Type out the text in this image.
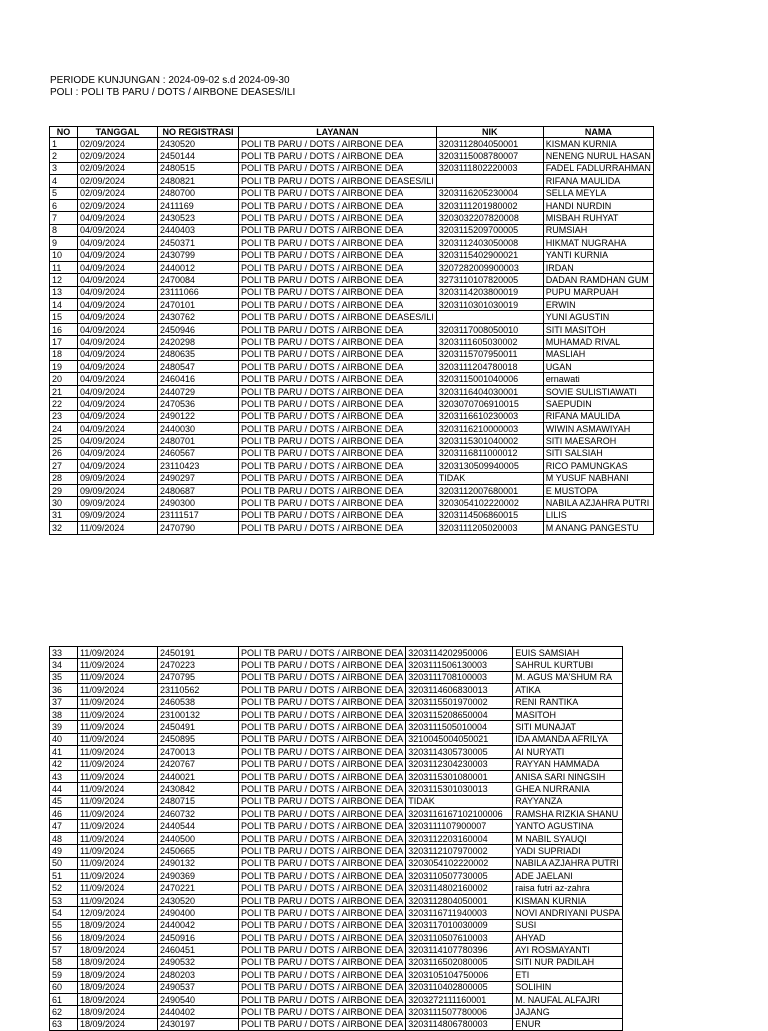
PERIODE KUNJUNGAN : 2024-09-02 s.d 2024-09-30
POLI : POLI TB PARU / DOTS / AIRBONE DEASES/ILI
NO	TANGGAL	NO REGISTRASI	LAYANAN	NIK	NAMA
1	02/09/2024	2430520	POLI TB PARU / DOTS / AIRBONE DEA	3203112804050001	KISMAN KURNIA
2	02/09/2024	2450144	POLI TB PARU / DOTS / AIRBONE DEA	3203115008780007	NENENG NURUL HASAN
3	02/09/2024	2480515	POLI TB PARU / DOTS / AIRBONE DEA	3203111802220003	FADEL FADLURRAHMAN
4	02/09/2024	2480821	POLI TB PARU / DOTS / AIRBONE DEASES/ILI		RIFANA MAULIDA
5	02/09/2024	2480700	POLI TB PARU / DOTS / AIRBONE DEA	3203116205230004	SELLA MEYLA
6	02/09/2024	2411169	POLI TB PARU / DOTS / AIRBONE DEA	3203111201980002	HANDI NURDIN
7	04/09/2024	2430523	POLI TB PARU / DOTS / AIRBONE DEA	3203032207820008	MISBAH RUHYAT
8	04/09/2024	2440403	POLI TB PARU / DOTS / AIRBONE DEA	3203115209700005	RUMSIAH
9	04/09/2024	2450371	POLI TB PARU / DOTS / AIRBONE DEA	3203112403050008	HIKMAT NUGRAHA
10	04/09/2024	2430799	POLI TB PARU / DOTS / AIRBONE DEA	3203115402900021	YANTI KURNIA
11	04/09/2024	2440012	POLI TB PARU / DOTS / AIRBONE DEA	3207282009900003	IRDAN
12	04/09/2024	2470084	POLI TB PARU / DOTS / AIRBONE DEA	3273110107820005	DADAN RAMDHAN GUM
13	04/09/2024	23111066	POLI TB PARU / DOTS / AIRBONE DEA	3203114203800019	PUPU MARPUAH
14	04/09/2024	2470101	POLI TB PARU / DOTS / AIRBONE DEA	3203110301030019	ERWIN
15	04/09/2024	2430762	POLI TB PARU / DOTS / AIRBONE DEASES/ILI		YUNI AGUSTIN
16	04/09/2024	2450946	POLI TB PARU / DOTS / AIRBONE DEA	3203117008050010	SITI MASITOH
17	04/09/2024	2420298	POLI TB PARU / DOTS / AIRBONE DEA	3203111605030002	MUHAMAD RIVAL
18	04/09/2024	2480635	POLI TB PARU / DOTS / AIRBONE DEA	3203115707950011	MASLIAH
19	04/09/2024	2480547	POLI TB PARU / DOTS / AIRBONE DEA	3203111204780018	UGAN
20	04/09/2024	2460416	POLI TB PARU / DOTS / AIRBONE DEA	3203115001040006	ernawati
21	04/09/2024	2440729	POLI TB PARU / DOTS / AIRBONE DEA	3203116404030001	SOVIE SULISTIAWATI
22	04/09/2024	2470536	POLI TB PARU / DOTS / AIRBONE DEA	3203070706910015	SAEPUDIN
23	04/09/2024	2490122	POLI TB PARU / DOTS / AIRBONE DEA	3203116610230003	RIFANA MAULIDA
24	04/09/2024	2440030	POLI TB PARU / DOTS / AIRBONE DEA	3203116210000003	WIWIN ASMAWIYAH
25	04/09/2024	2480701	POLI TB PARU / DOTS / AIRBONE DEA	3203115301040002	SITI MAESAROH
26	04/09/2024	2460567	POLI TB PARU / DOTS / AIRBONE DEA	3203116811000012	SITI SALSIAH
27	04/09/2024	23110423	POLI TB PARU / DOTS / AIRBONE DEA	3203130509940005	RICO PAMUNGKAS
28	09/09/2024	2490297	POLI TB PARU / DOTS / AIRBONE DEA	TIDAK	M YUSUF NABHANI
29	09/09/2024	2480687	POLI TB PARU / DOTS / AIRBONE DEA	3203112007680001	E MUSTOPA
30	09/09/2024	2490300	POLI TB PARU / DOTS / AIRBONE DEA	3203054102220002	NABILA AZJAHRA PUTRI
31	09/09/2024	23111517	POLI TB PARU / DOTS / AIRBONE DEA	3203114506860015	LILIS
32	11/09/2024	2470790	POLI TB PARU / DOTS / AIRBONE DEA	3203111205020003	M ANANG PANGESTU
33	11/09/2024	2450191	POLI TB PARU / DOTS / AIRBONE DEA	3203114202950006	EUIS SAMSIAH
34	11/09/2024	2470223	POLI TB PARU / DOTS / AIRBONE DEA	3203111506130003	SAHRUL KURTUBI
35	11/09/2024	2470795	POLI TB PARU / DOTS / AIRBONE DEA	3203111708100003	M. AGUS MA'SHUM RA
36	11/09/2024	23110562	POLI TB PARU / DOTS / AIRBONE DEA	3203114606830013	ATIKA
37	11/09/2024	2460538	POLI TB PARU / DOTS / AIRBONE DEA	3203115501970002	RENI RANTIKA
38	11/09/2024	23100132	POLI TB PARU / DOTS / AIRBONE DEA	3203115208650004	MASITOH
39	11/09/2024	2450491	POLI TB PARU / DOTS / AIRBONE DEA	3203111505010004	SITI MUNAJAT
40	11/09/2024	2450895	POLI TB PARU / DOTS / AIRBONE DEA	3210045004050021	IDA AMANDA AFRILYA
41	11/09/2024	2470013	POLI TB PARU / DOTS / AIRBONE DEA	3203114305730005	AI NURYATI
42	11/09/2024	2420767	POLI TB PARU / DOTS / AIRBONE DEA	3203112304230003	RAYYAN HAMMADA
43	11/09/2024	2440021	POLI TB PARU / DOTS / AIRBONE DEA	3203115301080001	ANISA SARI NINGSIH
44	11/09/2024	2430842	POLI TB PARU / DOTS / AIRBONE DEA	3203115301030013	GHEA NURRANIA
45	11/09/2024	2480715	POLI TB PARU / DOTS / AIRBONE DEA	TIDAK	RAYYANZA
46	11/09/2024	2460732	POLI TB PARU / DOTS / AIRBONE DEA	3203116167102100006	RAMSHA RIZKIA SHANU
47	11/09/2024	2440544	POLI TB PARU / DOTS / AIRBONE DEA	3203111107900007	YANTO AGUSTINA
48	11/09/2024	2440500	POLI TB PARU / DOTS / AIRBONE DEA	3203112203160004	M NABIL SYAUQI
49	11/09/2024	2450665	POLI TB PARU / DOTS / AIRBONE DEA	3203112107970002	YADI SUPRIADI
50	11/09/2024	2490132	POLI TB PARU / DOTS / AIRBONE DEA	3203054102220002	NABILA AZJAHRA PUTRI
51	11/09/2024	2490369	POLI TB PARU / DOTS / AIRBONE DEA	3203110507730005	ADE JAELANI
52	11/09/2024	2470221	POLI TB PARU / DOTS / AIRBONE DEA	3203114802160002	raisa futri az-zahra
53	11/09/2024	2430520	POLI TB PARU / DOTS / AIRBONE DEA	3203112804050001	KISMAN KURNIA
54	12/09/2024	2490400	POLI TB PARU / DOTS / AIRBONE DEA	3203116711940003	NOVI ANDRIYANI PUSPA
55	18/09/2024	2440042	POLI TB PARU / DOTS / AIRBONE DEA	3203117010030009	SUSI
56	18/09/2024	2450916	POLI TB PARU / DOTS / AIRBONE DEA	3203110507610003	AHYAD
57	18/09/2024	2460451	POLI TB PARU / DOTS / AIRBONE DEA	3203114107780396	AYI ROSMAYANTI
58	18/09/2024	2490532	POLI TB PARU / DOTS / AIRBONE DEA	3203116502080005	SITI NUR PADILAH
59	18/09/2024	2480203	POLI TB PARU / DOTS / AIRBONE DEA	3203105104750006	ETI
60	18/09/2024	2490537	POLI TB PARU / DOTS / AIRBONE DEA	3203110402800005	SOLIHIN
61	18/09/2024	2490540	POLI TB PARU / DOTS / AIRBONE DEA	3203272111160001	M. NAUFAL ALFAJRI
62	18/09/2024	2440402	POLI TB PARU / DOTS / AIRBONE DEA	3203111507780006	JAJANG
63	18/09/2024	2430197	POLI TB PARU / DOTS / AIRBONE DEA	3203114806780003	ENUR
